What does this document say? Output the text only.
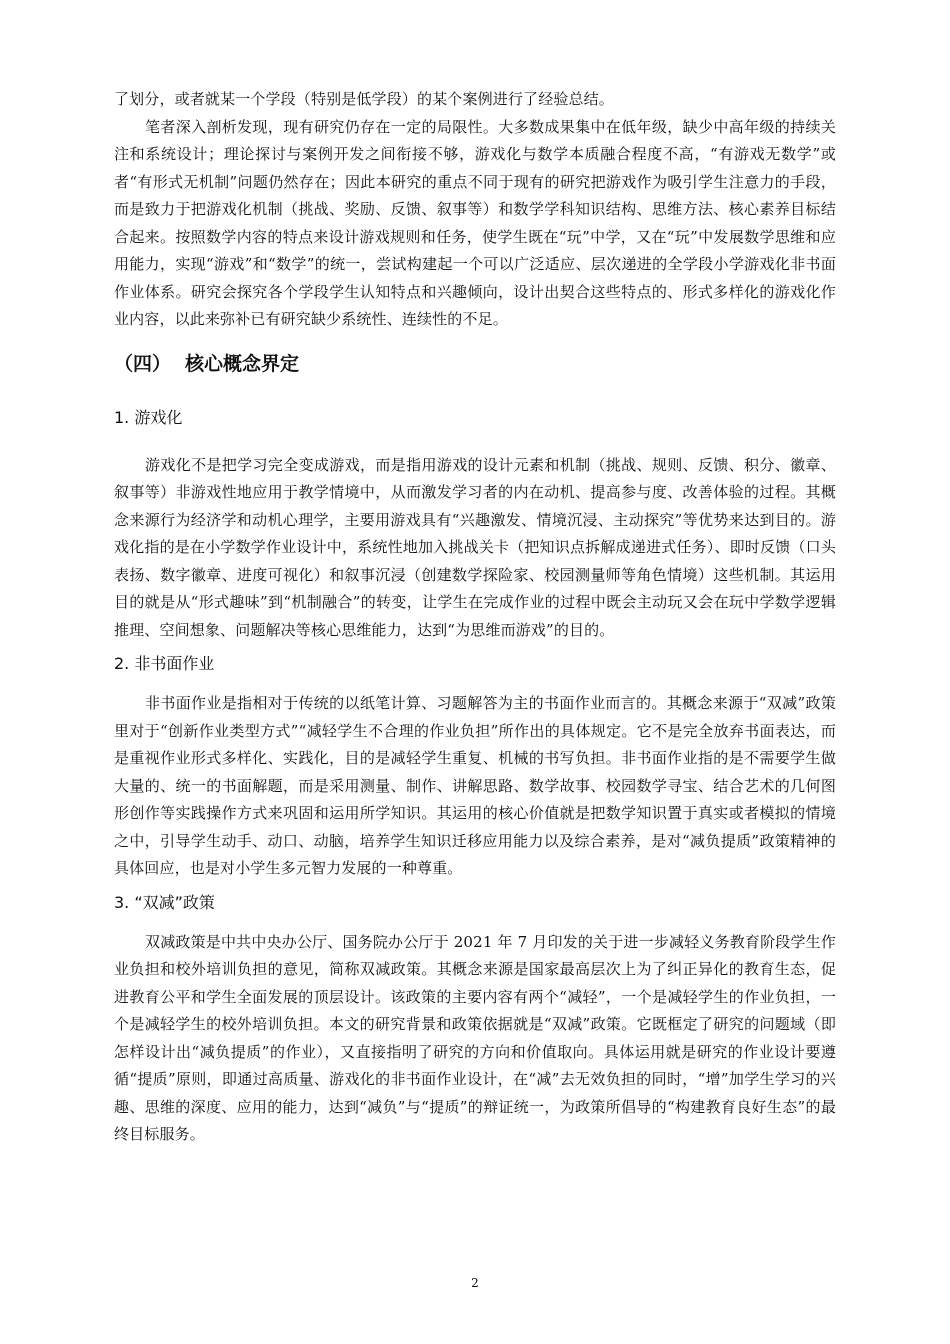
了划分，或者就某一个学段（特别是低学段）的某个案例进行了经验总结。

笔者深入剖析发现，现有研究仍存在一定的局限性。大多数成果集中在低年级，缺少中高年级的持续关注和系统设计；理论探讨与案例开发之间衔接不够，游戏化与数学本质融合程度不高，“有游戏无数学”或者“有形式无机制”问题仍然存在；因此本研究的重点不同于现有的研究把游戏作为吸引学生注意力的手段，而是致力于把游戏化机制（挑战、奖励、反馈、叙事等）和数学学科知识结构、思维方法、核心素养目标结合起来。按照数学内容的特点来设计游戏规则和任务，使学生既在“玩”中学，又在“玩”中发展数学思维和应用能力，实现“游戏”和“数学”的统一，尝试构建起一个可以广泛适应、层次递进的全学段小学游戏化非书面作业体系。研究会探究各个学段学生认知特点和兴趣倾向，设计出契合这些特点的、形式多样化的游戏化作业内容，以此来弥补已有研究缺少系统性、连续性的不足。

（四） 核心概念界定
1. 游戏化

游戏化不是把学习完全变成游戏，而是指用游戏的设计元素和机制（挑战、规则、反馈、积分、徽章、叙事等）非游戏性地应用于教学情境中，从而激发学习者的内在动机、提高参与度、改善体验的过程。其概念来源行为经济学和动机心理学，主要用游戏具有“兴趣激发、情境沉浸、主动探究”等优势来达到目的。游戏化指的是在小学数学作业设计中，系统性地加入挑战关卡（把知识点拆解成递进式任务）、即时反馈（口头表扬、数字徽章、进度可视化）和叙事沉浸（创建数学探险家、校园测量师等角色情境）这些机制。其运用目的就是从“形式趣味”到“机制融合”的转变，让学生在完成作业的过程中既会主动玩又会在玩中学数学逻辑推理、空间想象、问题解决等核心思维能力，达到“为思维而游戏”的目的。

2. 非书面作业

非书面作业是指相对于传统的以纸笔计算、习题解答为主的书面作业而言的。其概念来源于“双减”政策里对于“创新作业类型方式”“减轻学生不合理的作业负担”所作出的具体规定。它不是完全放弃书面表达，而是重视作业形式多样化、实践化，目的是减轻学生重复、机械的书写负担。非书面作业指的是不需要学生做大量的、统一的书面解题，而是采用测量、制作、讲解思路、数学故事、校园数学寻宝、结合艺术的几何图形创作等实践操作方式来巩固和运用所学知识。其运用的核心价值就是把数学知识置于真实或者模拟的情境之中，引导学生动手、动口、动脑，培养学生知识迁移应用能力以及综合素养，是对“减负提质”政策精神的具体回应，也是对小学生多元智力发展的一种尊重。

3. “双减”政策

双减政策是中共中央办公厅、国务院办公厅于 2021 年 7 月印发的关于进一步减轻义务教育阶段学生作业负担和校外培训负担的意见，简称双减政策。其概念来源是国家最高层次上为了纠正异化的教育生态，促进教育公平和学生全面发展的顶层设计。该政策的主要内容有两个“减轻”，一个是减轻学生的作业负担，一个是减轻学生的校外培训负担。本文的研究背景和政策依据就是“双减”政策。它既框定了研究的问题域（即怎样设计出“减负提质”的作业），又直接指明了研究的方向和价值取向。具体运用就是研究的作业设计要遵循“提质”原则，即通过高质量、游戏化的非书面作业设计，在“减”去无效负担的同时，“增”加学生学习的兴趣、思维的深度、应用的能力，达到“减负”与“提质”的辩证统一，为政策所倡导的“构建教育良好生态”的最终目标服务。

2
